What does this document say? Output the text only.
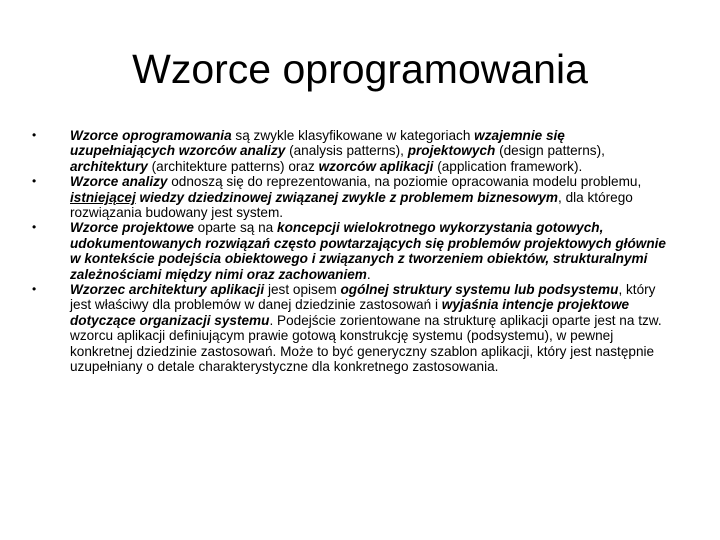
Wzorce oprogramowania
• Wzorce oprogramowania są zwykle klasyfikowane w kategoriach wzajemnie się uzupełniających wzorców analizy (analysis patterns), projektowych (design patterns), architektury (architekture patterns) oraz wzorców aplikacji (application framework).
• Wzorce analizy odnoszą się do reprezentowania, na poziomie opracowania modelu problemu, istniejącej wiedzy dziedzinowej związanej zwykle z problemem biznesowym, dla którego rozwiązania budowany jest system.
• Wzorce projektowe oparte są na koncepcji wielokrotnego wykorzystania gotowych, udokumentowanych rozwiązań często powtarzających się problemów projektowych głównie w kontekście podejścia obiektowego i związanych z tworzeniem obiektów, strukturalnymi zależnościami między nimi oraz zachowaniem.
• Wzorzec architektury aplikacji jest opisem ogólnej struktury systemu lub podsystemu, który jest właściwy dla problemów w danej dziedzinie zastosowań i wyjaśnia intencje projektowe dotyczące organizacji systemu. Podejście zorientowane na strukturę aplikacji oparte jest na tzw. wzorcu aplikacji definiującym prawie gotową konstrukcję systemu (podsystemu), w pewnej konkretnej dziedzinie zastosowań. Może to być generyczny szablon aplikacji, który jest następnie uzupełniany o detale charakterystyczne dla konkretnego zastosowania.
